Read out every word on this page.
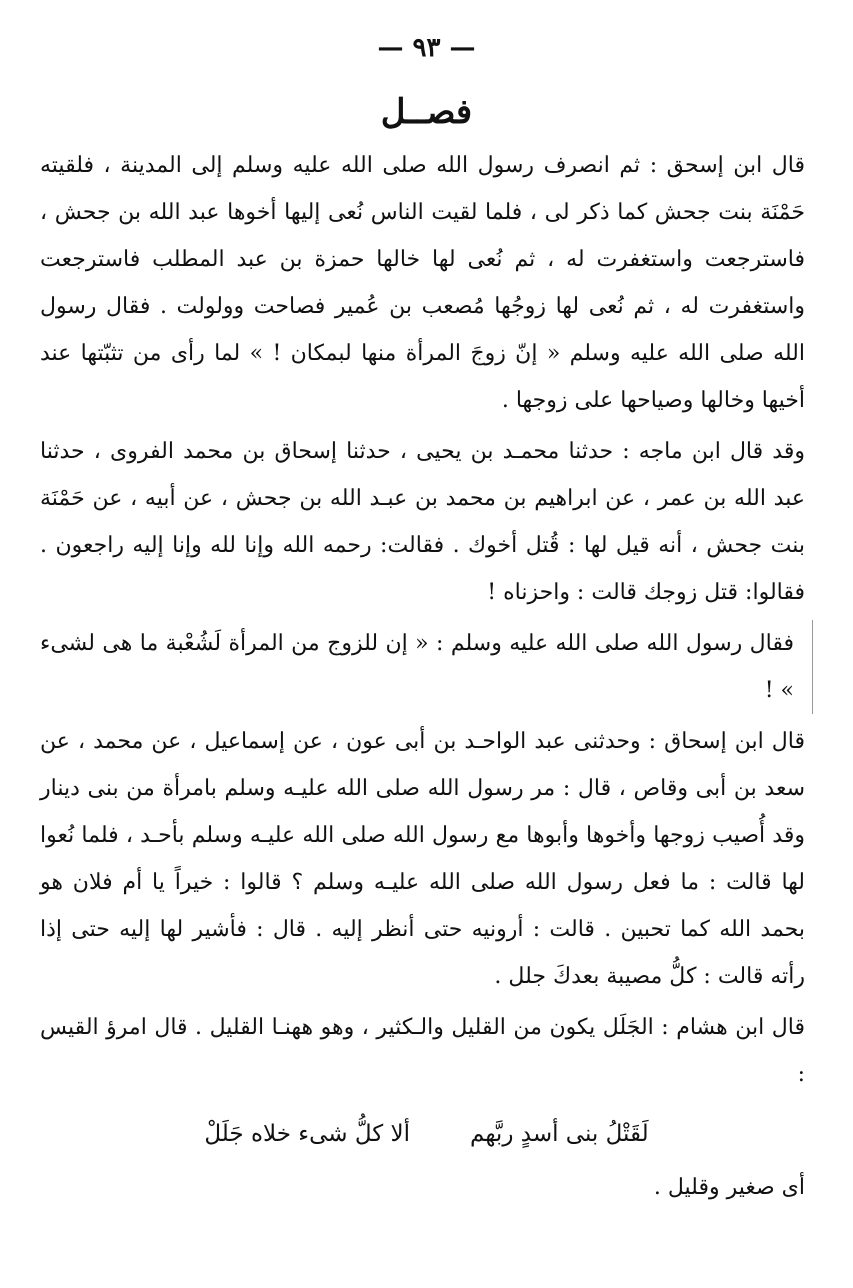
— ٩٣ —
فصــل

قال ابن إسحق : ثم انصرف رسول الله صلى الله عليه وسلم إلى المدينة ، فلقيته حَمْنَة بنت جحش كما ذكر لى ، فلما لقيت الناس نُعى إليها أخوها عبد الله بن جحش ، فاسترجعت واستغفرت له ، ثم نُعى لها خالها حمزة بن عبد المطلب فاسترجعت واستغفرت له ، ثم نُعى لها زوجُها مُصعب بن عُمير فصاحت وولولت . فقال رسول الله صلى الله عليه وسلم « إنّ زوجَ المرأة منها لبمكان ! » لما رأى من تثبّتها عند أخيها وخالها وصياحها على زوجها .

وقد قال ابن ماجه : حدثنا محمـد بن يحيى ، حدثنا إسحاق بن محمد الفروى ، حدثنا عبد الله بن عمر ، عن ابراهيم بن محمد بن عبـد الله بن جحش ، عن أبيه ، عن حَمْنَة بنت جحش ، أنه قيل لها : قُتل أخوك . فقالت: رحمه الله وإنا لله وإنا إليه راجعون . فقالوا: قتل زوجك قالت : واحزناه !

فقال رسول الله صلى الله عليه وسلم : « إن للزوج من المرأة لَشُعْبة ما هى لشىء » !

قال ابن إسحاق : وحدثنى عبد الواحـد بن أبى عون ، عن إسماعيل ، عن محمد ، عن سعد بن أبى وقاص ، قال : مر رسول الله صلى الله عليـه وسلم بامرأة من بنى دينار وقد أُصيب زوجها وأخوها وأبوها مع رسول الله صلى الله عليـه وسلم بأحـد ، فلما نُعوا لها قالت : ما فعل رسول الله صلى الله عليـه وسلم ؟ قالوا : خيراً يا أم فلان هو بحمد الله كما تحبين . قالت : أرونيه حتى أنظر إليه . قال : فأشير لها إليه حتى إذا رأته قالت : كلُّ مصيبة بعدكَ جلل .

قال ابن هشام : الجَلَل يكون من القليل والـكثير ، وهو ههنـا القليل . قال امرؤ القيس :

لَقَتْلُ بنى أسدٍ ربَّهم
ألا كلُّ شىء خلاه جَلَلْ

أى صغير وقليل .
